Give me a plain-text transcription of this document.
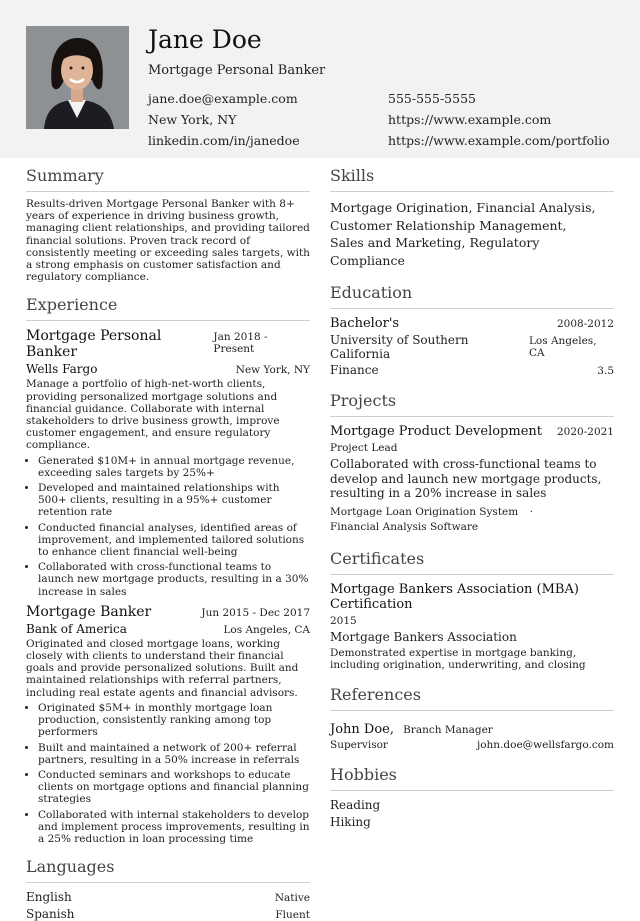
Jane Doe
Mortgage Personal Banker
jane.doe@example.com	555-555-5555
New York, NY	https://www.example.com
linkedin.com/in/janedoe	https://www.example.com/portfolio
Summary
Results-driven Mortgage Personal Banker with 8+ years of experience in driving business growth, managing client relationships, and providing tailored financial solutions. Proven track record of consistently meeting or exceeding sales targets, with a strong emphasis on customer satisfaction and regulatory compliance.
Experience
Mortgage Personal Banker
Jan 2018 - Present
Wells Fargo	New York, NY
Manage a portfolio of high-net-worth clients, providing personalized mortgage solutions and financial guidance. Collaborate with internal stakeholders to drive business growth, improve customer engagement, and ensure regulatory compliance.
• Generated $10M+ in annual mortgage revenue, exceeding sales targets by 25%+
• Developed and maintained relationships with 500+ clients, resulting in a 95%+ customer retention rate
• Conducted financial analyses, identified areas of improvement, and implemented tailored solutions to enhance client financial well-being
• Collaborated with cross-functional teams to launch new mortgage products, resulting in a 30% increase in sales
Mortgage Banker	Jun 2015 - Dec 2017
Bank of America	Los Angeles, CA
Originated and closed mortgage loans, working closely with clients to understand their financial goals and provide personalized solutions. Built and maintained relationships with referral partners, including real estate agents and financial advisors.
• Originated $5M+ in monthly mortgage loan production, consistently ranking among top performers
• Built and maintained a network of 200+ referral partners, resulting in a 50% increase in referrals
• Conducted seminars and workshops to educate clients on mortgage options and financial planning strategies
• Collaborated with internal stakeholders to develop and implement process improvements, resulting in a 25% reduction in loan processing time
Languages
English	Native
Spanish	Fluent
Skills
Mortgage Origination, Financial Analysis,
Customer Relationship Management,
Sales and Marketing, Regulatory Compliance
Education
Bachelor's	2008-2012
University of Southern California
Los Angeles, CA
Finance	3.5
Projects
Mortgage Product Development 2020-2021
Project Lead
Collaborated with cross-functional teams to develop and launch new mortgage products, resulting in a 20% increase in sales
Mortgage Loan Origination System ·
Financial Analysis Software
Certificates
Mortgage Bankers Association (MBA) Certification
2015
Mortgage Bankers Association
Demonstrated expertise in mortgage banking, including origination, underwriting, and closing
References
John Doe, Branch Manager
Supervisor	john.doe@wellsfargo.com
Hobbies
Reading
Hiking
